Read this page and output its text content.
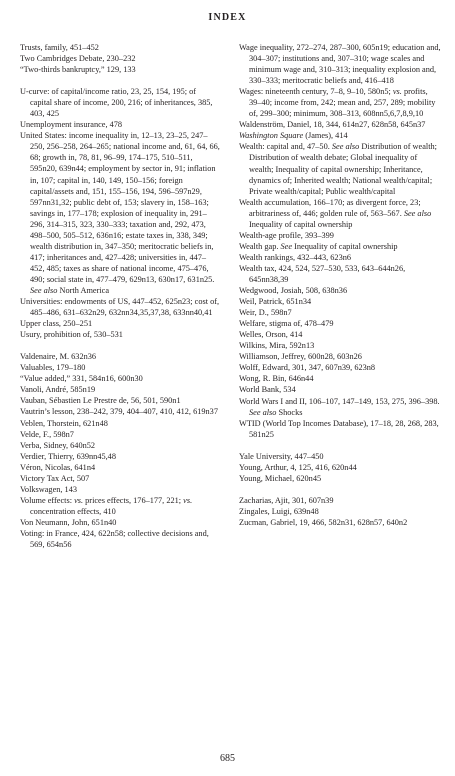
INDEX

Trusts, family, 451–452

Two Cambridges Debate, 230–232

“Two-thirds bankruptcy,” 129, 133

U-curve: of capital/income ratio, 23, 25, 154, 195; of capital share of income, 200, 216; of inheritances, 385, 403, 425

Unemployment insurance, 478

United States: income inequality in, 12–13, 23–25, 247–250, 256–258, 264–265; national income and, 61, 64, 66, 68; growth in, 78, 81, 96–99, 174–175, 510–511, 595n20, 639n44; employment by sector in, 91; inflation in, 107; capital in, 140, 149, 150–156; foreign capital/assets and, 151, 155–156, 194, 596–597n29, 597nn31,32; public debt of, 153; slavery in, 158–163; savings in, 177–178; explosion of inequality in, 291–296, 314–315, 323, 330–333; taxation and, 292, 473, 498–500, 505–512, 636n16; estate taxes in, 338, 349; wealth distribution in, 347–350; meritocratic beliefs in, 417; inheritances and, 427–428; universities in, 447–452, 485; taxes as share of national income, 475–476, 490; social state in, 477–479, 629n13, 630n17, 631n25. See also North America

Universities: endowments of US, 447–452, 625n23; cost of, 485–486, 631–632n29, 632nn34,35,37,38, 633nn40,41

Upper class, 250–251

Usury, prohibition of, 530–531

Valdenaire, M. 632n36

Valuables, 179–180

“Value added,” 331, 584n16, 600n30

Vanoli, André, 585n19

Vauban, Sébastien Le Prestre de, 56, 501, 590n1

Vautrin’s lesson, 238–242, 379, 404–407, 410, 412, 619n37

Veblen, Thorstein, 621n48

Velde, F., 598n7

Verba, Sidney, 640n52

Verdier, Thierry, 639nn45,48

Véron, Nicolas, 641n4

Victory Tax Act, 507

Volkswagen, 143

Volume effects: vs. prices effects, 176–177, 221; vs. concentration effects, 410

Von Neumann, John, 651n40

Voting: in France, 424, 622n58; collective decisions and, 569, 654n56

Wage inequality, 272–274, 287–300, 605n19; education and, 304–307; institutions and, 307–310; wage scales and minimum wage and, 310–313; inequality explosion and, 330–333; meritocratic beliefs and, 416–418

Wages: nineteenth century, 7–8, 9–10, 580n5; vs. profits, 39–40; income from, 242; mean and, 257, 289; mobility of, 299–300; minimum, 308–313, 608nn5,6,7,8,9,10

Waldenström, Daniel, 18, 344, 614n27, 628n58, 645n37

Washington Square (James), 414

Wealth: capital and, 47–50. See also Distribution of wealth; Distribution of wealth debate; Global inequality of wealth; Inequality of capital ownership; Inheritance, dynamics of; Inherited wealth; National wealth/capital; Private wealth/capital; Public wealth/capital

Wealth accumulation, 166–170; as divergent force, 23; arbitrariness of, 446; golden rule of, 563–567. See also Inequality of capital ownership

Wealth-age profile, 393–399

Wealth gap. See Inequality of capital ownership

Wealth rankings, 432–443, 623n6

Wealth tax, 424, 524, 527–530, 533, 643–644n26, 645nn38,39

Wedgwood, Josiah, 508, 638n36

Weil, Patrick, 651n34

Weir, D., 598n7

Welfare, stigma of, 478–479

Welles, Orson, 414

Wilkins, Mira, 592n13

Williamson, Jeffrey, 600n28, 603n26

Wolff, Edward, 301, 347, 607n39, 623n8

Wong, R. Bin, 646n44

World Bank, 534

World Wars I and II, 106–107, 147–149, 153, 275, 396–398. See also Shocks

WTID (World Top Incomes Database), 17–18, 28, 268, 283, 581n25

Yale University, 447–450

Young, Arthur, 4, 125, 416, 620n44

Young, Michael, 620n45

Zacharias, Ajit, 301, 607n39

Zingales, Luigi, 639n48

Zucman, Gabriel, 19, 466, 582n31, 628n57, 640n2

685
